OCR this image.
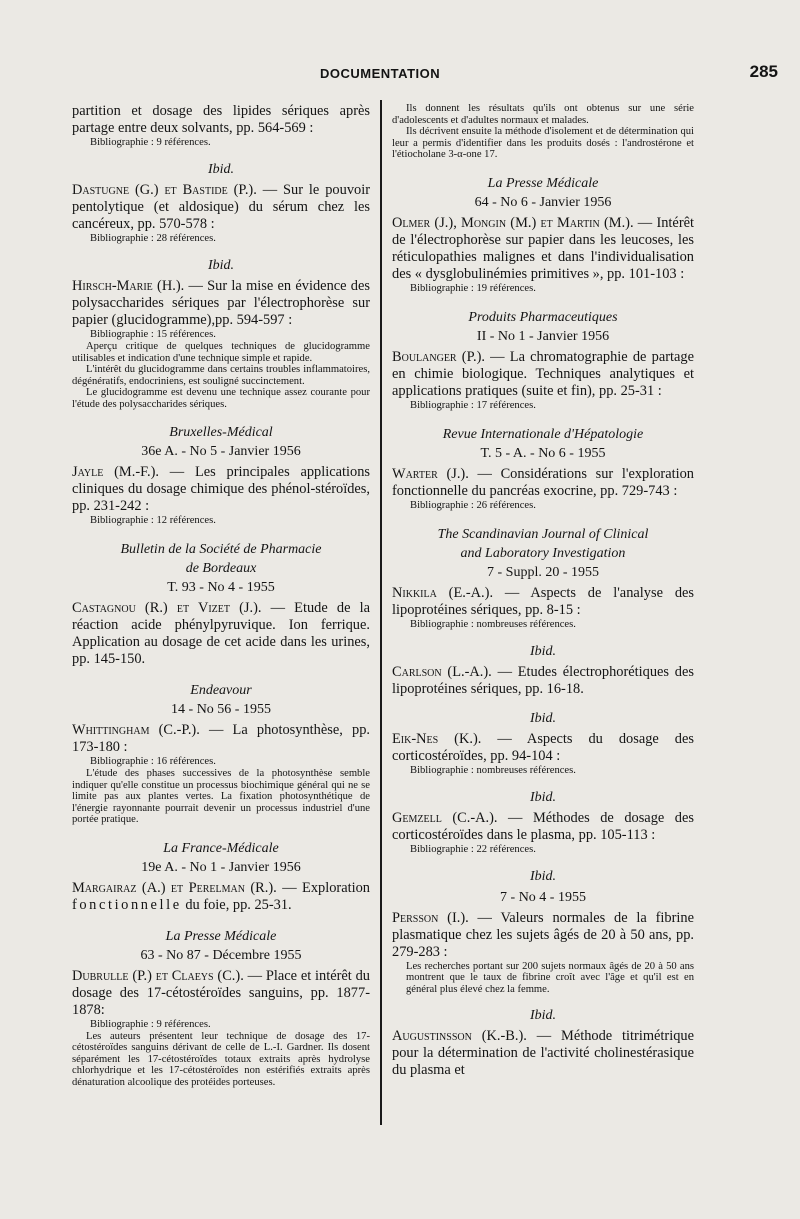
DOCUMENTATION	285

partition et dosage des lipides sériques après partage entre deux solvants, pp. 564-569 :

Bibliographie : 9 références.

Ibid.

Dastugne (G.) et Bastide (P.). — Sur le pouvoir pentolytique (et aldosique) du sérum chez les cancéreux, pp. 570-578 :

Bibliographie : 28 références.

Ibid.

Hirsch-Marie (H.). — Sur la mise en évidence des polysaccharides sériques par l'électrophorèse sur papier (glucidogramme),pp. 594-597 :

Bibliographie : 15 références.

Aperçu critique de quelques techniques de glucidogramme utilisables et indication d'une technique simple et rapide.

L'intérêt du glucidogramme dans certains troubles inflammatoires, dégénératifs, endocriniens, est souligné succinctement.

Le glucidogramme est devenu une technique assez courante pour l'étude des polysaccharides sériques.

Bruxelles-Médical

36e A. - No 5 - Janvier 1956

Jayle (M.-F.). — Les principales applications cliniques du dosage chimique des phénol-stéroïdes, pp. 231-242 :

Bibliographie : 12 références.

Bulletin de la Société de Pharmacie

de Bordeaux

T. 93 - No 4 - 1955

Castagnou (R.) et Vizet (J.). — Etude de la réaction acide phénylpyruvique. Ion ferrique. Application au dosage de cet acide dans les urines, pp. 145-150.

Endeavour

14 - No 56 - 1955

Whittingham (C.-P.). — La photosynthèse, pp. 173-180 :

Bibliographie : 16 références.

L'étude des phases successives de la photosynthèse semble indiquer qu'elle constitue un processus biochimique général qui ne se limite pas aux plantes vertes. La fixation photosynthétique de l'énergie rayonnante pourrait devenir un processus industriel d'une portée pratique.

La France-Médicale

19e A. - No 1 - Janvier 1956

Margairaz (A.) et Perelman (R.). — Exploration fonctionnelle du foie, pp. 25-31.

La Presse Médicale

63 - No 87 - Décembre 1955

Dubrulle (P.) et Claeys (C.). — Place et intérêt du dosage des 17-cétostéroïdes sanguins, pp. 1877-1878:

Bibliographie : 9 références.

Les auteurs présentent leur technique de dosage des 17-cétostéroïdes sanguins dérivant de celle de L.-I. Gardner. Ils dosent séparément les 17-cétostéroïdes totaux extraits après hydrolyse chlorhydrique et les 17-cétostéroïdes non estérifiés extraits après dénaturation alcoolique des protéides porteuses.

Ils donnent les résultats qu'ils ont obtenus sur une série d'adolescents et d'adultes normaux et malades.

Ils décrivent ensuite la méthode d'isolement et de détermination qui leur a permis d'identifier dans les produits dosés : l'androstérone et l'étiocholane 3-α-one 17.

La Presse Médicale

64 - No 6 - Janvier 1956

Olmer (J.), Mongin (M.) et Martin (M.). — Intérêt de l'électrophorèse sur papier dans les leucoses, les réticulopathies malignes et dans l'individualisation des « dysglobulinémies primitives », pp. 101-103 :

Bibliographie : 19 références.

Produits Pharmaceutiques

II - No 1 - Janvier 1956

Boulanger (P.). — La chromatographie de partage en chimie biologique. Techniques analytiques et applications pratiques (suite et fin), pp. 25-31 :

Bibliographie : 17 références.

Revue Internationale d'Hépatologie

T. 5 - A. - No 6 - 1955

Warter (J.). — Considérations sur l'exploration fonctionnelle du pancréas exocrine, pp. 729-743 :

Bibliographie : 26 références.

The Scandinavian Journal of Clinical

and Laboratory Investigation

7 - Suppl. 20 - 1955

Nikkila (E.-A.). — Aspects de l'analyse des lipoprotéines sériques, pp. 8-15 :

Bibliographie : nombreuses références.

Ibid.

Carlson (L.-A.). — Etudes électrophorétiques des lipoprotéines sériques, pp. 16-18.

Ibid.

Eik-Nes (K.). — Aspects du dosage des corticostéroïdes, pp. 94-104 :

Bibliographie : nombreuses références.

Ibid.

Gemzell (C.-A.). — Méthodes de dosage des corticostéroïdes dans le plasma, pp. 105-113 :

Bibliographie : 22 références.

Ibid.

7 - No 4 - 1955

Persson (I.). — Valeurs normales de la fibrine plasmatique chez les sujets âgés de 20 à 50 ans, pp. 279-283 :

Les recherches portant sur 200 sujets normaux âgés de 20 à 50 ans montrent que le taux de fibrine croît avec l'âge et qu'il est en général plus élevé chez la femme.

Ibid.

Augustinsson (K.-B.). — Méthode titrimétrique pour la détermination de l'activité cholinestérasique du plasma et
